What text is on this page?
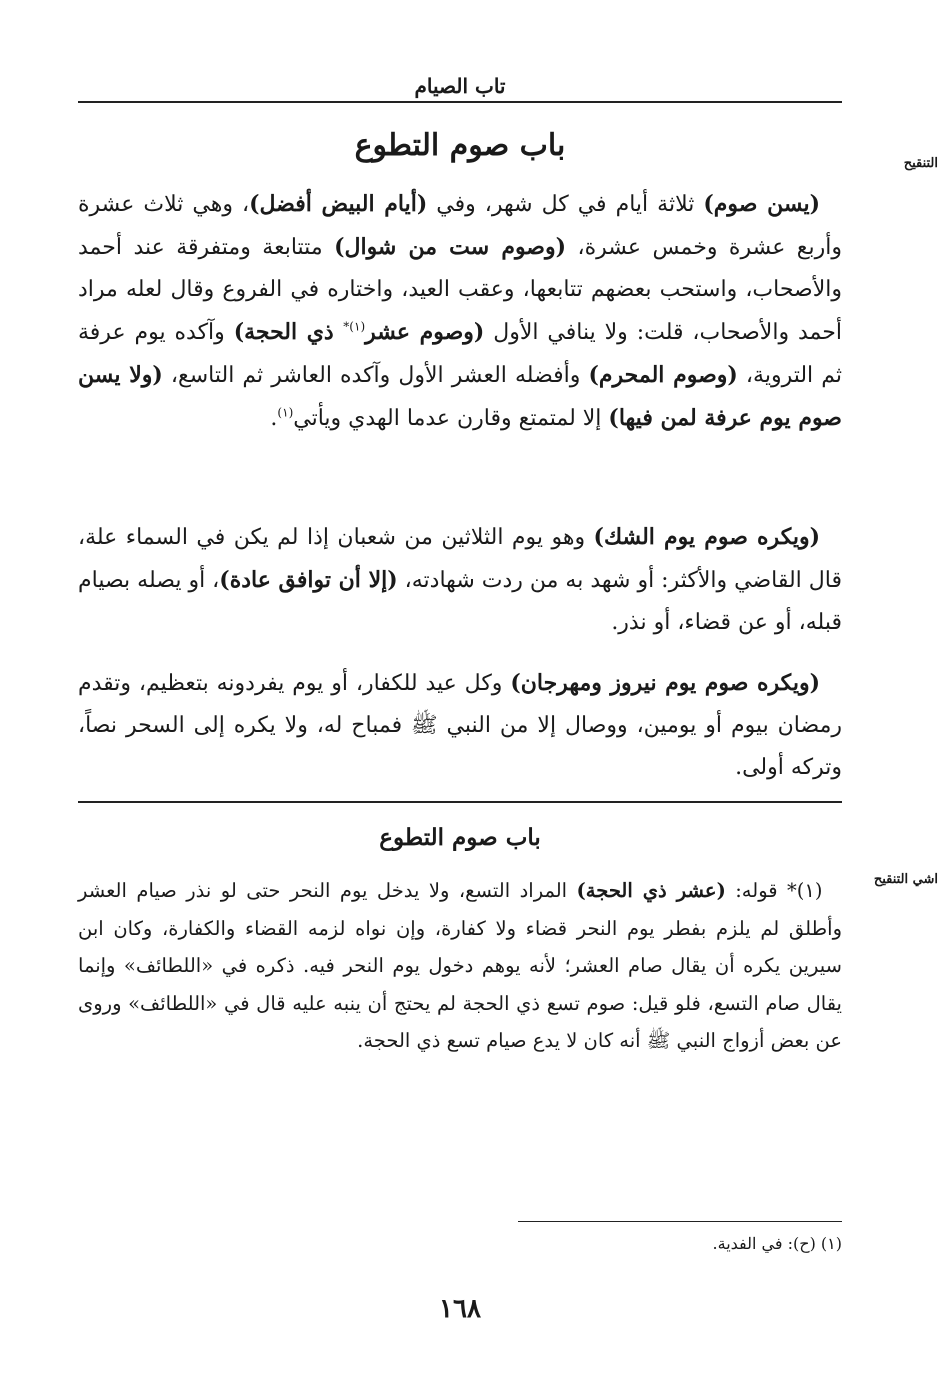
تاب الصيام
التنقيح
باب صوم التطوع
 (يسن صوم) ثلاثة أيام في كل شهر، وفي (أيام البيض أفضل)، وهي ثلاث عشرة وأربع عشرة وخمس عشرة، (وصوم ست من شوال) متتابعة ومتفرقة عند أحمد والأصحاب، واستحب بعضهم تتابعها، وعقب العيد، واختاره في الفروع وقال لعله مراد أحمد والأصحاب، قلت: ولا ينافي الأول (وصوم عشر$^{(١)*}$ ذي الحجة) وآكده يوم عرفة ثم التروية، (وصوم المحرم) وأفضله العشر الأول وآكده العاشر ثم التاسع، (ولا يسن صوم يوم عرفة لمن فيها) إلا لمتمتع وقارن عدما الهدي ويأتي$^{(١)}$.
 (ويكره صوم يوم الشك) وهو يوم الثلاثين من شعبان إذا لم يكن في السماء علة، قال القاضي والأكثر: أو شهد به من ردت شهادته، (إلا أن توافق عادة)، أو يصله بصيام قبله، أو عن قضاء، أو نذر.
 (ويكره صوم يوم نيروز ومهرجان) وكل عيد للكفار، أو يوم يفردونه بتعظيم، وتقدم رمضان بيوم أو يومين، ووصال إلا من النبي ﷺ فمباح له، ولا يكره إلى السحر نصاً، وتركه أولى.
باب صوم التطوع
اشي التنقيح
 (١)* قوله: (عشر ذي الحجة) المراد التسع، ولا يدخل يوم النحر حتى لو نذر صيام العشر وأطلق لم يلزم بفطر يوم النحر قضاء ولا كفارة، وإن نواه لزمه القضاء والكفارة، وكان ابن سيرين يكره أن يقال صام العشر؛ لأنه يوهم دخول يوم النحر فيه. ذكره في «اللطائف» وإنما يقال صام التسع، فلو قيل: صوم تسع ذي الحجة لم يحتج أن ينبه عليه قال في «اللطائف» وروى عن بعض أزواج النبي ﷺ أنه كان لا يدع صيام تسع ذي الحجة.
(١) (ح): في الفدية.
١٦٨
